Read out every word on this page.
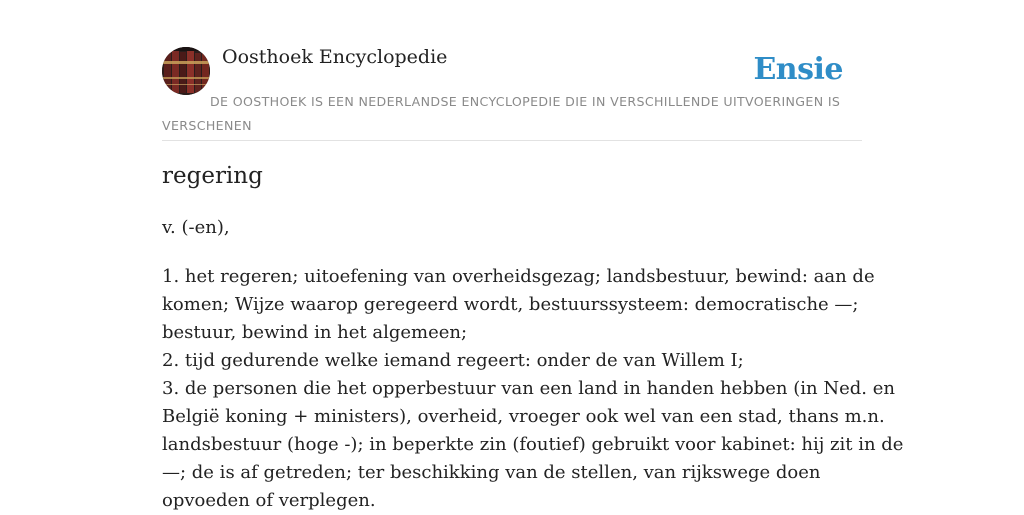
Oosthoek Encyclopedie	Ensie
DE OOSTHOEK IS EEN NEDERLANDSE ENCYCLOPEDIE DIE IN VERSCHILLENDE UITVOERINGEN IS VERSCHENEN
regering
v. (-en),

1. het regeren; uitoefening van overheidsgezag; landsbestuur, bewind: aan de

komen; Wijze waarop geregeerd wordt, bestuurssysteem: democratische —;

bestuur, bewind in het algemeen;

2. tijd gedurende welke iemand regeert: onder de van Willem I;

3. de personen die het opperbestuur van een land in handen hebben (in Ned. en

België koning + ministers), overheid, vroeger ook wel van een stad, thans m.n.

landsbestuur (hoge -); in beperkte zin (foutief) gebruikt voor kabinet: hij zit in de

—; de is af getreden; ter beschikking van de stellen, van rijkswege doen

opvoeden of verplegen.
